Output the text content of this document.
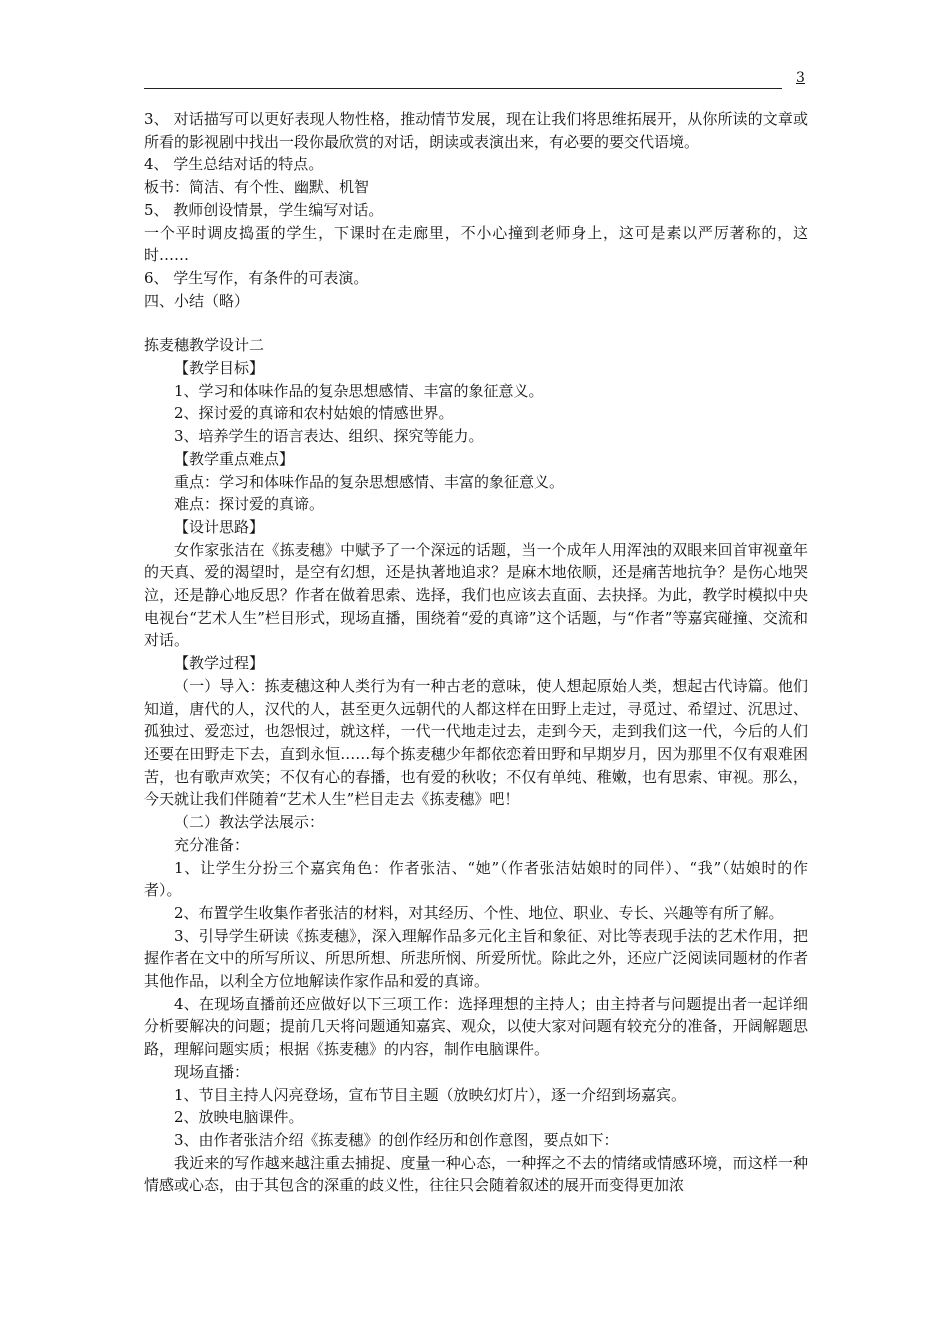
3

3、 对话描写可以更好表现人物性格，推动情节发展，现在让我们将思维拓展开，从你所读的文章或所看的影视剧中找出一段你最欣赏的对话，朗读或表演出来，有必要的要交代语境。

4、 学生总结对话的特点。

板书：简洁、有个性、幽默、机智

5、 教师创设情景，学生编写对话。

一个平时调皮捣蛋的学生，下课时在走廊里，不小心撞到老师身上，这可是素以严厉著称的，这时……

6、 学生写作，有条件的可表演。

四、小结（略）

拣麦穗教学设计二

【教学目标】

1、学习和体味作品的复杂思想感情、丰富的象征意义。

2、探讨爱的真谛和农村姑娘的情感世界。

3、培养学生的语言表达、组织、探究等能力。

【教学重点难点】

重点：学习和体味作品的复杂思想感情、丰富的象征意义。

难点：探讨爱的真谛。

【设计思路】

女作家张洁在《拣麦穗》中赋予了一个深远的话题，当一个成年人用浑浊的双眼来回首审视童年的天真、爱的渴望时，是空有幻想，还是执著地追求？是麻木地依顺，还是痛苦地抗争？是伤心地哭泣，还是静心地反思？作者在做着思索、选择，我们也应该去直面、去抉择。为此，教学时模拟中央电视台“艺术人生”栏目形式，现场直播，围绕着“爱的真谛”这个话题，与“作者”等嘉宾碰撞、交流和对话。

【教学过程】

（一）导入：拣麦穗这种人类行为有一种古老的意味，使人想起原始人类，想起古代诗篇。他们知道，唐代的人，汉代的人，甚至更久远朝代的人都这样在田野上走过，寻觅过、希望过、沉思过、孤独过、爱恋过，也怨恨过，就这样，一代一代地走过去，走到今天，走到我们这一代，今后的人们还要在田野走下去，直到永恒……每个拣麦穗少年都依恋着田野和早期岁月，因为那里不仅有艰难困苦，也有歌声欢笑；不仅有心的春播，也有爱的秋收；不仅有单纯、稚嫩，也有思索、审视。那么，今天就让我们伴随着“艺术人生”栏目走去《拣麦穗》吧！

（二）教法学法展示：

充分准备：

1、让学生分扮三个嘉宾角色：作者张洁、“她”（作者张洁姑娘时的同伴）、“我”（姑娘时的作者）。

2、布置学生收集作者张洁的材料，对其经历、个性、地位、职业、专长、兴趣等有所了解。

3、引导学生研读《拣麦穗》，深入理解作品多元化主旨和象征、对比等表现手法的艺术作用，把握作者在文中的所写所议、所思所想、所悲所悯、所爱所忧。除此之外，还应广泛阅读同题材的作者其他作品，以利全方位地解读作家作品和爱的真谛。

4、在现场直播前还应做好以下三项工作：选择理想的主持人；由主持者与问题提出者一起详细分析要解决的问题；提前几天将问题通知嘉宾、观众，以使大家对问题有较充分的准备，开阔解题思路，理解问题实质；根据《拣麦穗》的内容，制作电脑课件。

现场直播：

1、节目主持人闪亮登场，宣布节目主题（放映幻灯片），逐一介绍到场嘉宾。

2、放映电脑课件。

3、由作者张洁介绍《拣麦穗》的创作经历和创作意图，要点如下：

我近来的写作越来越注重去捕捉、度量一种心态，一种挥之不去的情绪或情感环境，而这样一种情感或心态，由于其包含的深重的歧义性，往往只会随着叙述的展开而变得更加浓
